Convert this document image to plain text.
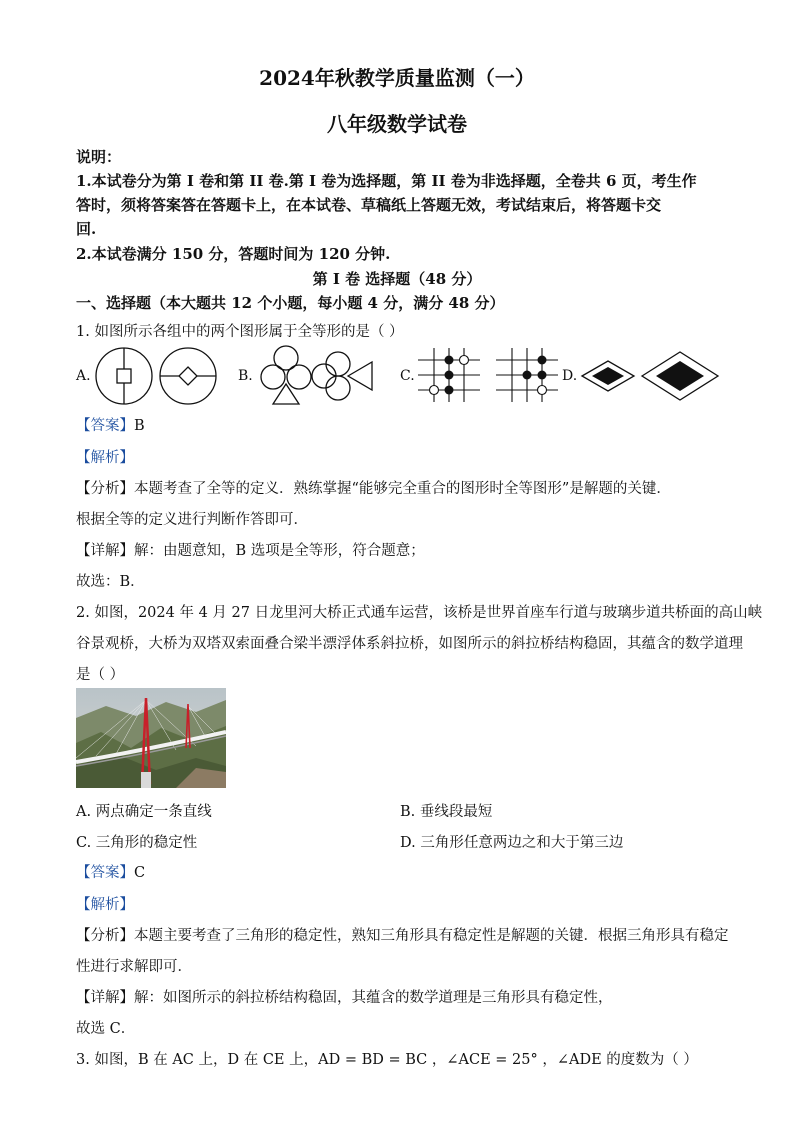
2024年秋教学质量监测（一）
八年级数学试卷
说明：
1.本试卷分为第 I 卷和第 II 卷.第 I 卷为选择题，第 II 卷为非选择题，全卷共 6 页，考生作
答时，须将答案答在答题卡上，在本试卷、草稿纸上答题无效，考试结束后，将答题卡交
回.
2.本试卷满分 150 分，答题时间为 120 分钟.
第 I 卷 选择题（48 分）
一、选择题（本大题共 12 个小题，每小题 4 分，满分 48 分）
1. 如图所示各组中的两个图形属于全等形的是（ ）
A.	B.	C.	D.
【答案】B
【解析】
【分析】本题考查了全等的定义．熟练掌握“能够完全重合的图形时全等图形”是解题的关键．
根据全等的定义进行判断作答即可．
【详解】解：由题意知，B 选项是全等形，符合题意；
故选：B．
2. 如图，2024 年 4 月 27 日龙里河大桥正式通车运营，该桥是世界首座车行道与玻璃步道共桥面的高山峡
谷景观桥，大桥为双塔双索面叠合梁半漂浮体系斜拉桥，如图所示的斜拉桥结构稳固，其蕴含的数学道理
是（ ）
A. 两点确定一条直线	B. 垂线段最短
C. 三角形的稳定性	D. 三角形任意两边之和大于第三边
【答案】C
【解析】
【分析】本题主要考查了三角形的稳定性，熟知三角形具有稳定性是解题的关键．根据三角形具有稳定
性进行求解即可．
【详解】解：如图所示的斜拉桥结构稳固，其蕴含的数学道理是三角形具有稳定性，
故选 C．
3. 如图，B 在 AC 上，D 在 CE 上，AD = BD = BC ，∠ACE = 25° ，∠ADE 的度数为（ ）
